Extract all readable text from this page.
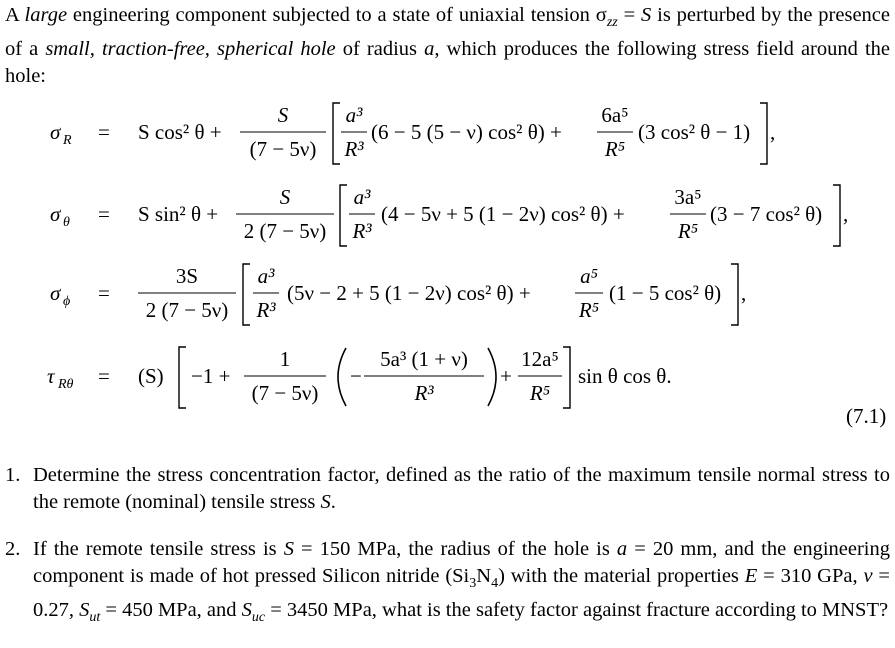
A large engineering component subjected to a state of uniaxial tension $\sigma_{zz} = S$ is perturbed by the presence of a small, traction-free, spherical hole of radius a, which produces the following stress field around the hole:
σ R = S cos² θ +
S
(7 − 5ν)
a³
R³
(6 − 5 (5 − ν) cos² θ) +
6a⁵
R⁵
(3 cos² θ − 1) ,
σ θ = S sin² θ +
S
2 (7 − 5ν)
a³
R³
(4 − 5ν + 5 (1 − 2ν) cos² θ) +
3a⁵
R⁵
(3 − 7 cos² θ) ,
σ ϕ =
3S
2 (7 − 5ν)
a³
R³
(5ν − 2 + 5 (1 − 2ν) cos² θ) +
a⁵
R⁵
(1 − 5 cos² θ) ,
τ Rθ = (S) −1 +
1
(7 − 5ν)
−
5a³ (1 + ν)
R³
+
12a⁵
R⁵
sin θ cos θ.
(7.1)
1. Determine the stress concentration factor, defined as the ratio of the maximum tensile normal stress to the remote (nominal) tensile stress S.
2. If the remote tensile stress is S = 150 MPa, the radius of the hole is a = 20 mm, and the engineering component is made of hot pressed Silicon nitride $(Si_3N_4)$ with the material properties E = 310 GPa, ν = 0.27, $S_{ut} = 450$ MPa, and $S_{uc} = 3450$ MPa, what is the safety factor against fracture according to MNST?
